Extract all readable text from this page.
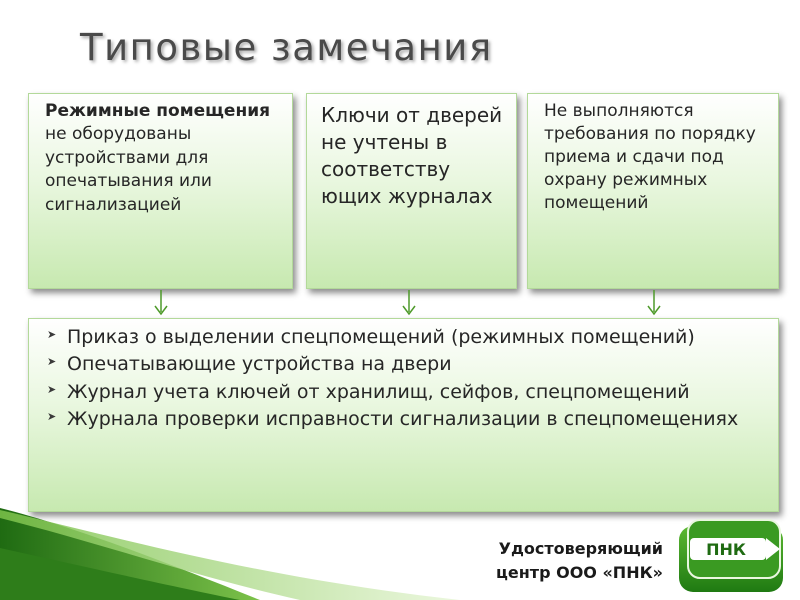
Типовые замечания
Режимные помещения не оборудованы устройствами для опечатывания или сигнализацией
Ключи от дверей не учтены в соответству ющих журналах
Не выполняются требования по порядку приема и сдачи под охрану режимных помещений
➤ Приказ о выделении спецпомещений (режимных помещений)
➤ Опечатывающие устройства на двери
➤ Журнал учета ключей от хранилищ, сейфов, спецпомещений
➤ Журнала проверки исправности сигнализации в спецпомещениях
Удостоверяющий
центр ООО «ПНК»
ПНК
